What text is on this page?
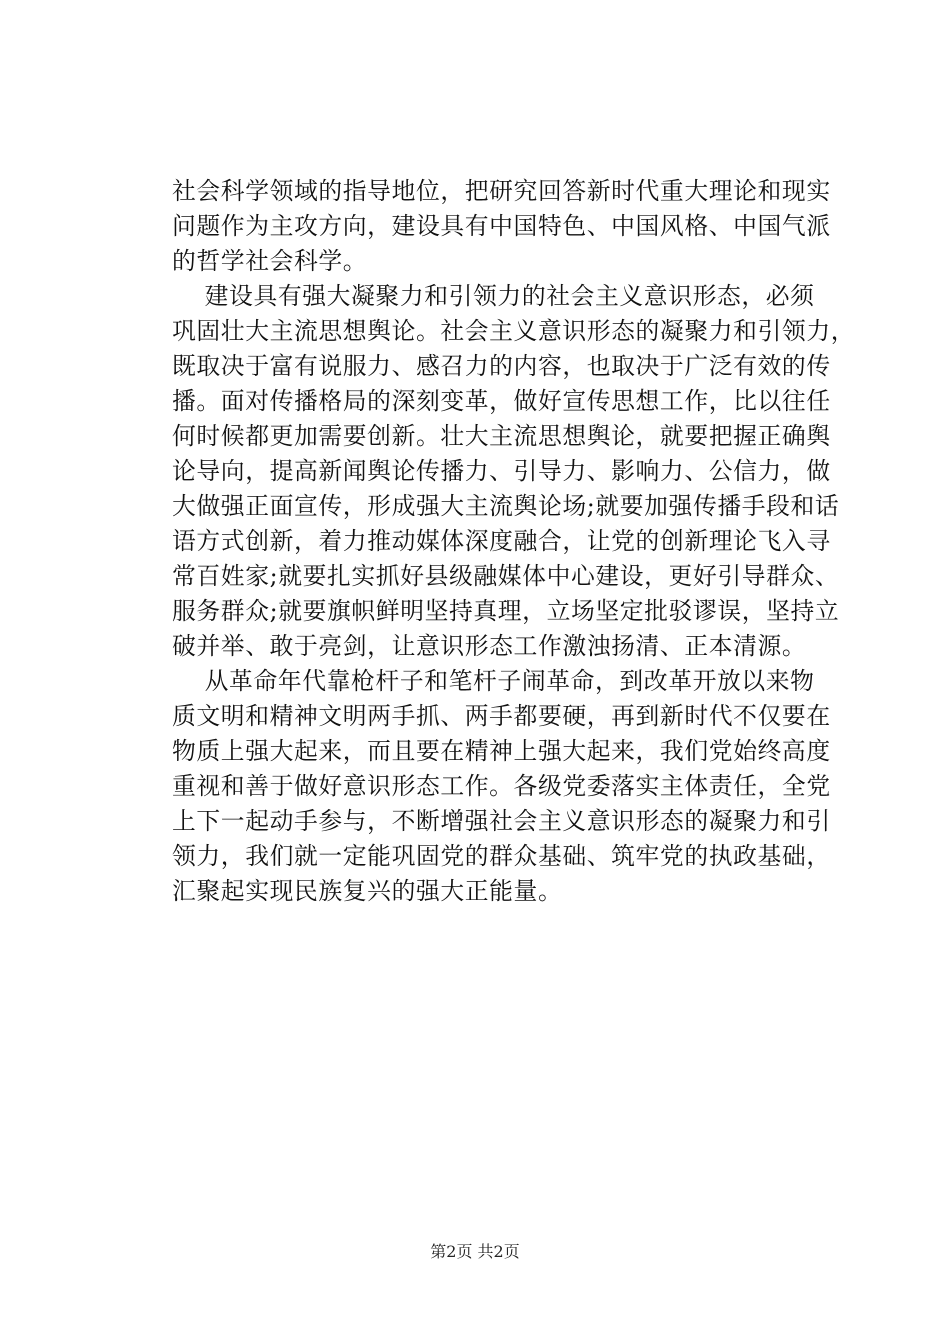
社会科学领域的指导地位，把研究回答新时代重大理论和现实
问题作为主攻方向，建设具有中国特色、中国风格、中国气派
的哲学社会科学。
建设具有强大凝聚力和引领力的社会主义意识形态，必须
巩固壮大主流思想舆论。社会主义意识形态的凝聚力和引领力，
既取决于富有说服力、感召力的内容，也取决于广泛有效的传
播。面对传播格局的深刻变革，做好宣传思想工作，比以往任
何时候都更加需要创新。壮大主流思想舆论，就要把握正确舆
论导向，提高新闻舆论传播力、引导力、影响力、公信力，做
大做强正面宣传，形成强大主流舆论场;就要加强传播手段和话
语方式创新，着力推动媒体深度融合，让党的创新理论飞入寻
常百姓家;就要扎实抓好县级融媒体中心建设，更好引导群众、
服务群众;就要旗帜鲜明坚持真理，立场坚定批驳谬误，坚持立
破并举、敢于亮剑，让意识形态工作激浊扬清、正本清源。
从革命年代靠枪杆子和笔杆子闹革命，到改革开放以来物
质文明和精神文明两手抓、两手都要硬，再到新时代不仅要在
物质上强大起来，而且要在精神上强大起来，我们党始终高度
重视和善于做好意识形态工作。各级党委落实主体责任，全党
上下一起动手参与，不断增强社会主义意识形态的凝聚力和引
领力，我们就一定能巩固党的群众基础、筑牢党的执政基础，
汇聚起实现民族复兴的强大正能量。
第2页 共2页
